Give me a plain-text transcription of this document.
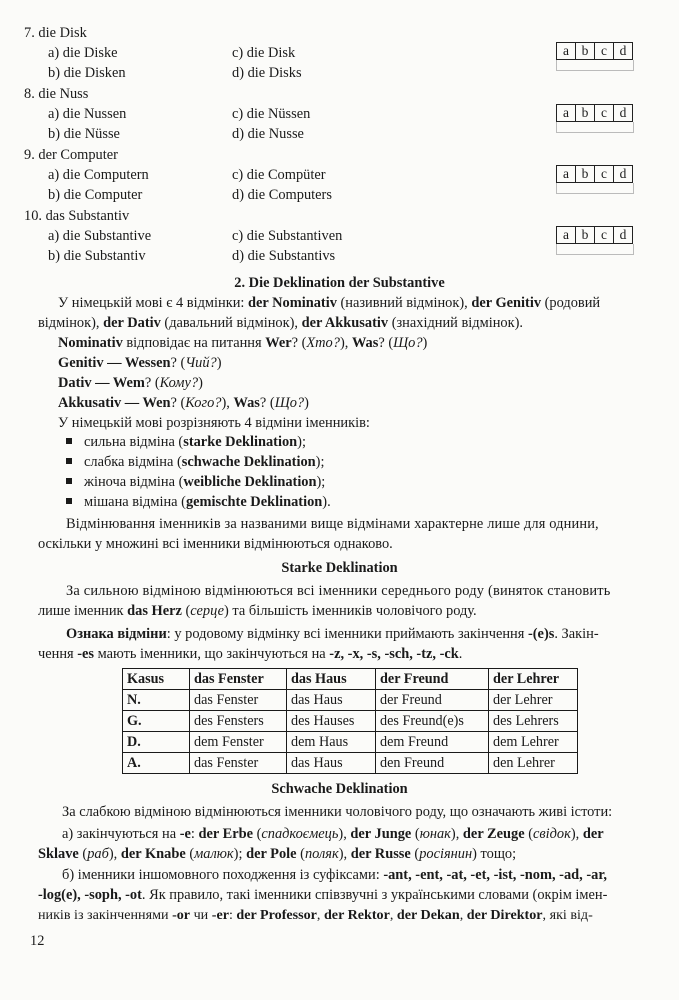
7. die Disk
a) die Diske
b) die Disken
c) die Disk
d) die Disks
a b c d
8. die Nuss
a) die Nussen
b) die Nüsse
c) die Nüssen
d) die Nusse
a b c d
9. der Computer
a) die Computern
b) die Computer
c) die Compüter
d) die Computers
a b c d
10. das Substantiv
a) die Substantive
b) die Substantiv
c) die Substantiven
d) die Substantivs
a b c d
2. Die Deklination der Substantive
У німецькій мові є 4 відмінки: der Nominativ (називний відмінок), der Genitiv (родовий
відмінок), der Dativ (давальний відмінок), der Akkusativ (знахідний відмінок).
Nominativ відповідає на питання Wer? (Хто?), Was? (Що?)
Genitiv — Wessen? (Чий?)
Dativ — Wem? (Кому?)
Akkusativ — Wen? (Кого?), Was? (Що?)
У німецькій мові розрізняють 4 відміни іменників:
сильна відміна (starke Deklination);
слабка відміна (schwache Deklination);
жіноча відміна (weibliche Deklination);
мішана відміна (gemischte Deklination).
Відмінювання іменників за названими вище відмінами характерне лише для однини,
оскільки у множині всі іменники відмінюються однаково.
Starke Deklination
За сильною відміною відмінюються всі іменники середнього роду (виняток становить
лише іменник das Herz (серце) та більшість іменників чоловічого роду.
Ознака відміни: у родовому відмінку всі іменники приймають закінчення -(e)s. Закін-
чення -es мають іменники, що закінчуються на -z, -x, -s, -sch, -tz, -ck.
Kasus	das Fenster	das Haus	der Freund	der Lehrer
N.	das Fenster	das Haus	der Freund	der Lehrer
G.	des Fensters	des Hauses	des Freund(e)s	des Lehrers
D.	dem Fenster	dem Haus	dem Freund	dem Lehrer
A.	das Fenster	das Haus	den Freund	den Lehrer
Schwache Deklination
За слабкою відміною відмінюються іменники чоловічого роду, що означають живі істоти:
а) закінчуються на -e: der Erbe (спадкоємець), der Junge (юнак), der Zeuge (свідок), der
Sklave (раб), der Knabe (малюк); der Pole (поляк), der Russe (росіянин) тощо;
б) іменники іншомовного походження із суфіксами: -ant, -ent, -at, -et, -ist, -nom, -ad, -ar,
-log(e), -soph, -ot. Як правило, такі іменники співзвучні з українськими словами (окрім імен-
ників із закінченнями -or чи -er: der Professor, der Rektor, der Dekan, der Direktor, які від-
12
